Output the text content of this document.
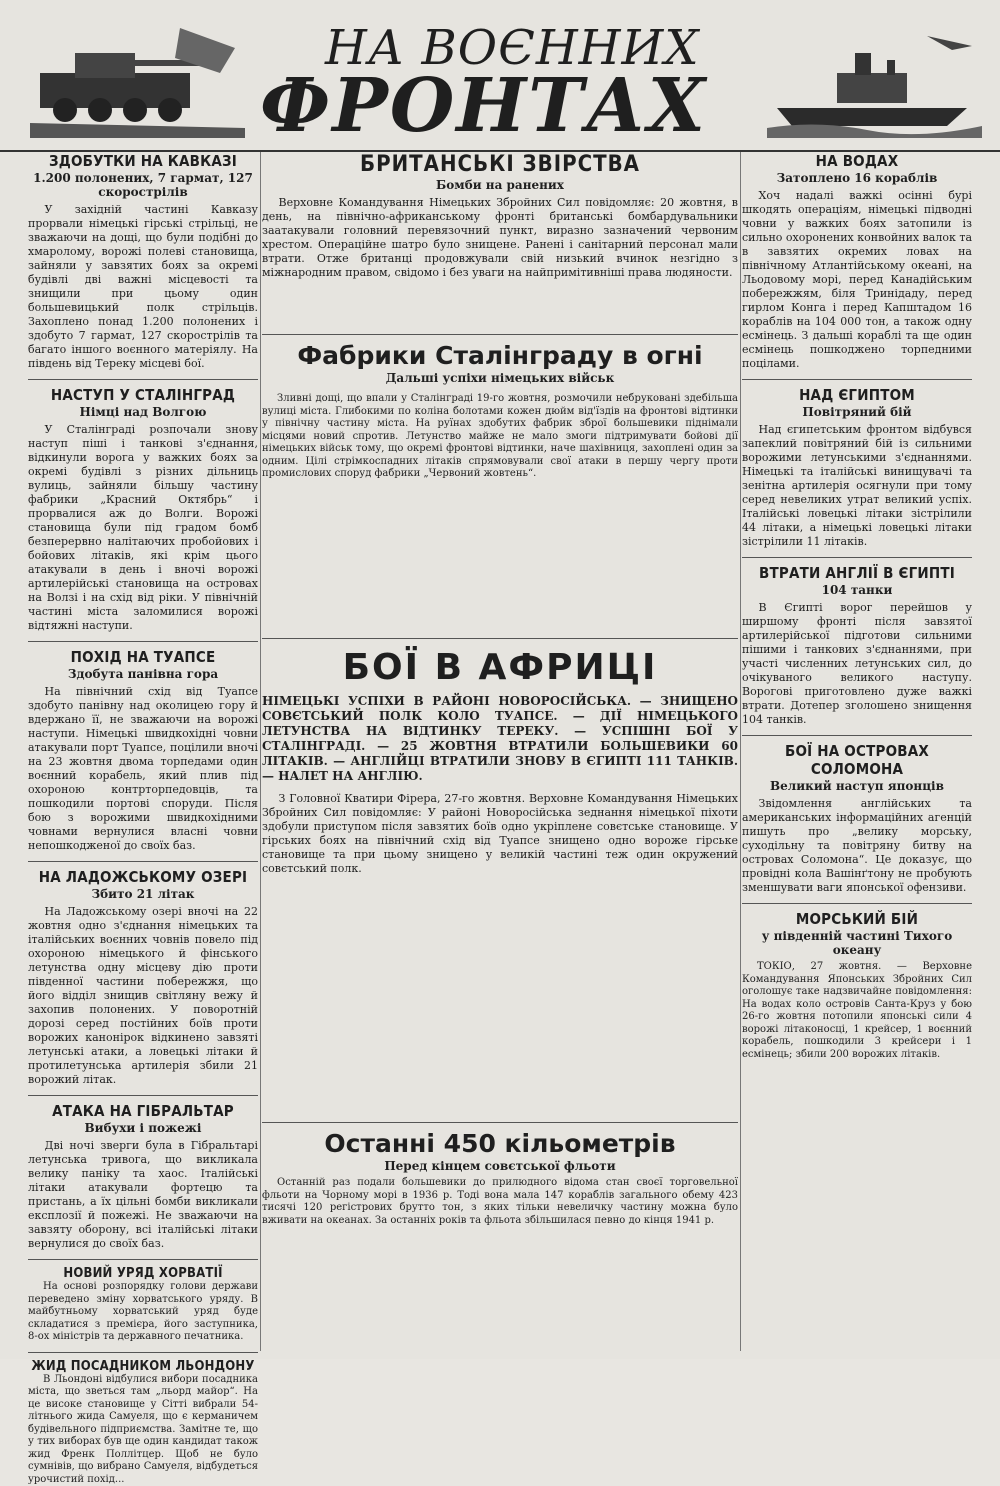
НА ВОЄННИХ
ФРОНТАХ
ЗДОБУТКИ НА КАВКАЗІ
1.200 полонених, 7 гармат, 127 скорострілів

У західній частині Кавказу прорвали німецькі гірські стрільці, не зважаючи на дощі, що були подібні до хмаролому, ворожі полеві становища, зайняли у завзятих боях за окремі будівлі дві важні місцевості та знищили при цьому один большевицький полк стрільців. Захоплено понад 1.200 полонених і здобуто 7 гармат, 127 скорострілів та багато іншого воєнного матеріялу. На південь від Тереку місцеві бої.

НАСТУП У СТАЛІНГРАД
Німці над Волгою

У Сталінграді розпочали знову наступ піші і танкові з'єднання, відкинули ворога у важких боях за окремі будівлі з різних дільниць вулиць, зайняли більшу частину фабрики „Красний Октябрь“ і прорвалися аж до Волги. Ворожі становища були під градом бомб безперервно налітаючих пробойових і бойових літаків, які крім цього атакували в день і вночі ворожі артилерійські становища на островах на Волзі і на схід від ріки. У північній частині міста заломилися ворожі відтяжні наступи.

ПОХІД НА ТУАПСЕ
Здобута панівна гора

На північний схід від Туапсе здобуто панівну над околицею гору й вдержано її, не зважаючи на ворожі наступи. Німецькі швидкохідні човни атакували порт Туапсе, поцілили вночі на 23 жовтня двома торпедами один воєнний корабель, який плив під охороною контрторпедовців, та пошкодили портові споруди. Після бою з ворожими швидкохідними човнами вернулися власні човни непошкодженої до своїх баз.

НА ЛАДОЖСЬКОМУ ОЗЕРІ
Збито 21 літак

На Ладожському озері вночі на 22 жовтня одно з'єднання німецьких та італійських воєнних човнів повело під охороною німецького й фінського летунства одну місцеву дію проти південної частини побережжя, що його відділ знищив світляну вежу й захопив полонених. У поворотній дорозі серед постійних боїв проти ворожих канонірок відкинено завзяті летунські атаки, а ловецькі літаки й протилетунська артилерія збили 21 ворожий літак.

АТАКА НА ГІБРАЛЬТАР
Вибухи і пожежі

Дві ночі зверги була в Гібральтарі летунська тривога, що викликала велику паніку та хаос. Італійські літаки атакували фортецю та пристань, а їх цільні бомби викликали експлозії й пожежі. Не зважаючи на завзяту оборону, всі італійські літаки вернулися до своїх баз.

НОВИЙ УРЯД ХОРВАТІЇ

На основі розпорядку голови держави переведено зміну хорватського уряду. В майбутньому хорватський уряд буде складатися з премієра, його заступника, 8-ох міністрів та державного печатника.

ЖИД ПОСАДНИКОМ ЛЬОНДОНУ

В Льондоні відбулися вибори посадника міста, що зветься там „льорд майор“. На це високе становище у Сітті вибрали 54-літнього жида Самуеля, що є керманичем будівельного підприємства. Замітне те, що у тих виборах був ще один кандидат також жид Френк Поллітцер. Щоб не було сумнівів, що вибрано Самуеля, відбудеться урочистий похід...

БРИТАНСЬКІ ЗВІРСТВА
Бомби на ранених

Верховне Командування Німецьких Збройних Сил повідомляє: 20 жовтня, в день, на північно-африканському фронті британські бомбардувальники заатакували головний перевязочний пункт, виразно зазначений червоним хрестом. Операційне шатро було знищене. Ранені і санітарний персонал мали втрати. Отже британці продовжували свій низький вчинок незгідно з міжнародним правом, свідомо і без уваги на найпримітивніші права людяности.

Фабрики Сталінграду в огні
Дальші успіхи німецьких військ

Зливні дощі, що впали у Сталінграді 19-го жовтня, розмочили небруковані здебільша вулиці міста. Глибокими по коліна болотами кожен дюйм від'їздів на фронтові відтинки у північну частину міста. На руїнах здобутих фабрик зброї большевики піднімали місцями новий спротив. Летунство майже не мало змоги підтримувати бойові дії німецьких військ тому, що окремі фронтові відтинки, наче шахівниця, захоплені один за одним. Цілі стрімкоспадних літаків спрямовували свої атаки в першу чергу проти промислових споруд фабрики „Червоний жовтень“.

БОЇ В АФРИЦІ

НІМЕЦЬКІ УСПІХИ В РАЙОНІ НОВОРОСІЙСЬКА. — ЗНИЩЕНО СОВЄТСЬКИЙ ПОЛК КОЛО ТУАПСЕ. — ДІЇ НІМЕЦЬКОГО ЛЕТУНСТВА НА ВІДТИНКУ ТЕРЕКУ. — УСПІШНІ БОЇ У СТАЛІНГРАДІ. — 25 ЖОВТНЯ ВТРАТИЛИ БОЛЬШЕВИКИ 60 ЛІТАКІВ. — АНГЛІЙЦІ ВТРАТИЛИ ЗНОВУ В ЄГИПТІ 111 ТАНКІВ. — НАЛЕТ НА АНГЛІЮ.

З Головної Кватири Фірера, 27-го жовтня. Верховне Командування Німецьких Збройних Сил повідомляє: У районі Новоросійська зеднання німецької піхоти здобули приступом після завзятих боїв одно укріплене совєтське становище. У гірських боях на північний схід від Туапсе знищено одно вороже гірське становище та при цьому знищено у великій частині теж один окружений совєтський полк.

Останні 450 кільометрів
Перед кінцем совєтської фльоти

Останній раз подали большевики до прилюдного відома стан своєї торговельної фльоти на Чорному морі в 1936 р. Тоді вона мала 147 кораблів загального обему 423 тисячі 120 регістрових брутто тон, з яких тільки невеличку частину можна було вживати на океанах. За останніх років та фльота збільшилася певно до кінця 1941 р.

НА ВОДАХ
Затоплено 16 кораблів

Хоч надалі важкі осінні бурі шкодять операціям, німецькі підводні човни у важких боях затопили із сильно охоронених конвойних валок та в завзятих окремих ловах на північному Атлантійському океані, на Льодовому морі, перед Канадійським побережжям, біля Тринідаду, перед гирлом Конга і перед Капштадом 16 кораблів на 104 000 тон, а також одну есмінець. З дальші кораблі та ще один есмінець пошкоджено торпедними поцілами.

НАД ЄГИПТОМ
Повітряний бій

Над єгипетським фронтом відбувся запеклий повітряний бій із сильними ворожими летунськими з'єднаннями. Німецькі та італійські винищувачі та зенітна артилерія осягнули при тому серед невеликих утрат великий успіх. Італійські ловецькі літаки зістрілили 44 літаки, а німецькі ловецькі літаки зістрілили 11 літаків.

ВТРАТИ АНГЛІЇ В ЄГИПТІ
104 танки

В Єгипті ворог перейшов у ширшому фронті після завзятої артилерійської підготови сильними пішими і танкових з'єднаннями, при участі численних летунських сил, до очікуваного великого наступу. Ворогові приготовлено дуже важкі втрати. Дотепер зголошено знищення 104 танків.

БОЇ НА ОСТРОВАХ СОЛОМОНА
Великий наступ японців

Звідомлення англійських та американських інформаційних агенцій пишуть про „велику морську, суходільну та повітряну битву на островах Соломона“. Це доказує, що провідні кола Вашінґтону не пробують зменшувати ваги японської офензиви.

МОРСЬКИЙ БІЙ
у південній частині Тихого океану

ТОКІО, 27 жовтня. — Верховне Командування Японських Збройних Сил оголошує таке надзвичайне повідомлення: На водах коло островів Санта-Круз у бою 26-го жовтня потопили японські сили 4 ворожі літаконосці, 1 крейсер, 1 воєнний корабель, пошкодили 3 крейсери і 1 есмінець; збили 200 ворожих літаків.
